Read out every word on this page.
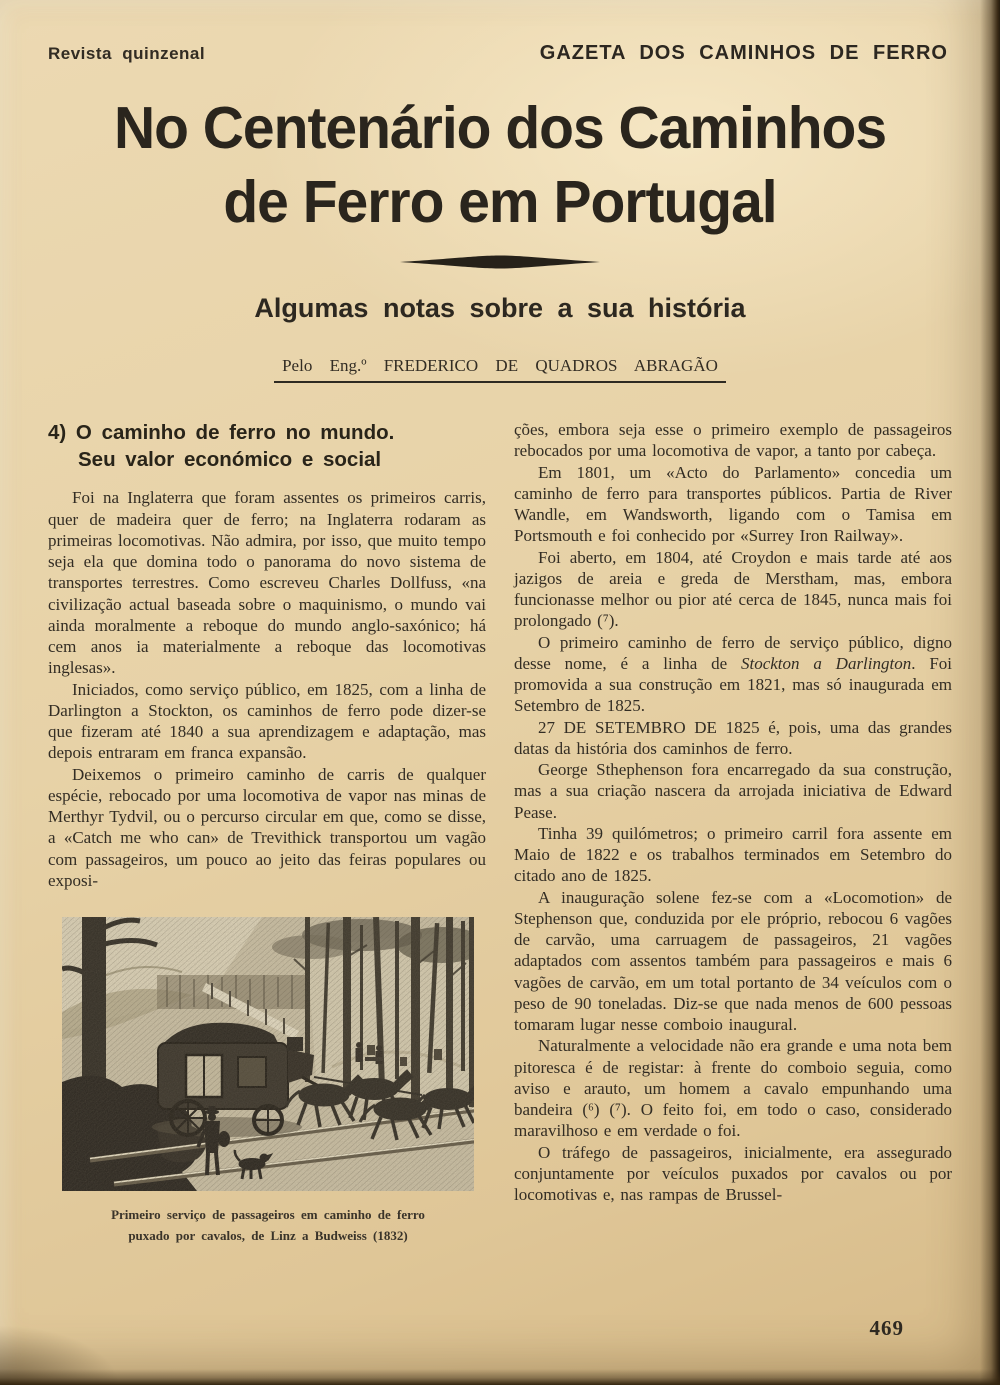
Revista quinzenal	GAZETA DOS CAMINHOS DE FERRO
No Centenário dos Caminhos
de Ferro em Portugal
Algumas notas sobre a sua história
Pelo Eng.º FREDERICO DE QUADROS ABRAGÃO
4) O caminho de ferro no mundo.
Seu valor económico e social

Foi na Inglaterra que foram assentes os primeiros carris, quer de madeira quer de ferro; na Inglaterra rodaram as primeiras locomotivas. Não admira, por isso, que muito tempo seja ela que domina todo o panorama do novo sistema de transportes terrestres. Como escreveu Charles Dollfuss, «na civilização actual baseada sobre o maquinismo, o mundo vai ainda moralmente a reboque do mundo anglo-saxónico; há cem anos ia materialmente a reboque das locomotivas inglesas».

Iniciados, como serviço público, em 1825, com a linha de Darlington a Stockton, os caminhos de ferro pode dizer-se que fizeram até 1840 a sua aprendizagem e adaptação, mas depois entraram em franca expansão.

Deixemos o primeiro caminho de carris de qualquer espécie, rebocado por uma locomotiva de vapor nas minas de Merthyr Tydvil, ou o percurso circular em que, como se disse, a «Catch me who can» de Trevithick transportou um vagão com passageiros, um pouco ao jeito das feiras populares ou exposi-

Primeiro serviço de passageiros em caminho de ferro
puxado por cavalos, de Linz a Budweiss (1832)

ções, embora seja esse o primeiro exemplo de passageiros rebocados por uma locomotiva de vapor, a tanto por cabeça.

Em 1801, um «Acto do Parlamento» concedia um caminho de ferro para transportes públicos. Partia de River Wandle, em Wandsworth, ligando com o Tamisa em Portsmouth e foi conhecido por «Surrey Iron Railway».

Foi aberto, em 1804, até Croydon e mais tarde até aos jazigos de areia e greda de Merstham, mas, embora funcionasse melhor ou pior até cerca de 1845, nunca mais foi prolongado (⁷).

O primeiro caminho de ferro de serviço público, digno desse nome, é a linha de Stockton a Darlington. Foi promovida a sua construção em 1821, mas só inaugurada em Setembro de 1825.

27 DE SETEMBRO DE 1825 é, pois, uma das grandes datas da história dos caminhos de ferro.

George Sthephenson fora encarregado da sua construção, mas a sua criação nascera da arrojada iniciativa de Edward Pease.

Tinha 39 quilómetros; o primeiro carril fora assente em Maio de 1822 e os trabalhos terminados em Setembro do citado ano de 1825.

A inauguração solene fez-se com a «Locomotion» de Stephenson que, conduzida por ele próprio, rebocou 6 vagões de carvão, uma carruagem de passageiros, 21 vagões adaptados com assentos também para passageiros e mais 6 vagões de carvão, em um total portanto de 34 veículos com o peso de 90 toneladas. Diz-se que nada menos de 600 pessoas tomaram lugar nesse comboio inaugural.

Naturalmente a velocidade não era grande e uma nota bem pitoresca é de registar: à frente do comboio seguia, como aviso e arauto, um homem a cavalo empunhando uma bandeira (⁶) (⁷). O feito foi, em todo o caso, considerado maravilhoso e em verdade o foi.

O tráfego de passageiros, inicialmente, era assegurado conjuntamente por veículos puxados por cavalos ou por locomotivas e, nas rampas de Brussel-

469
